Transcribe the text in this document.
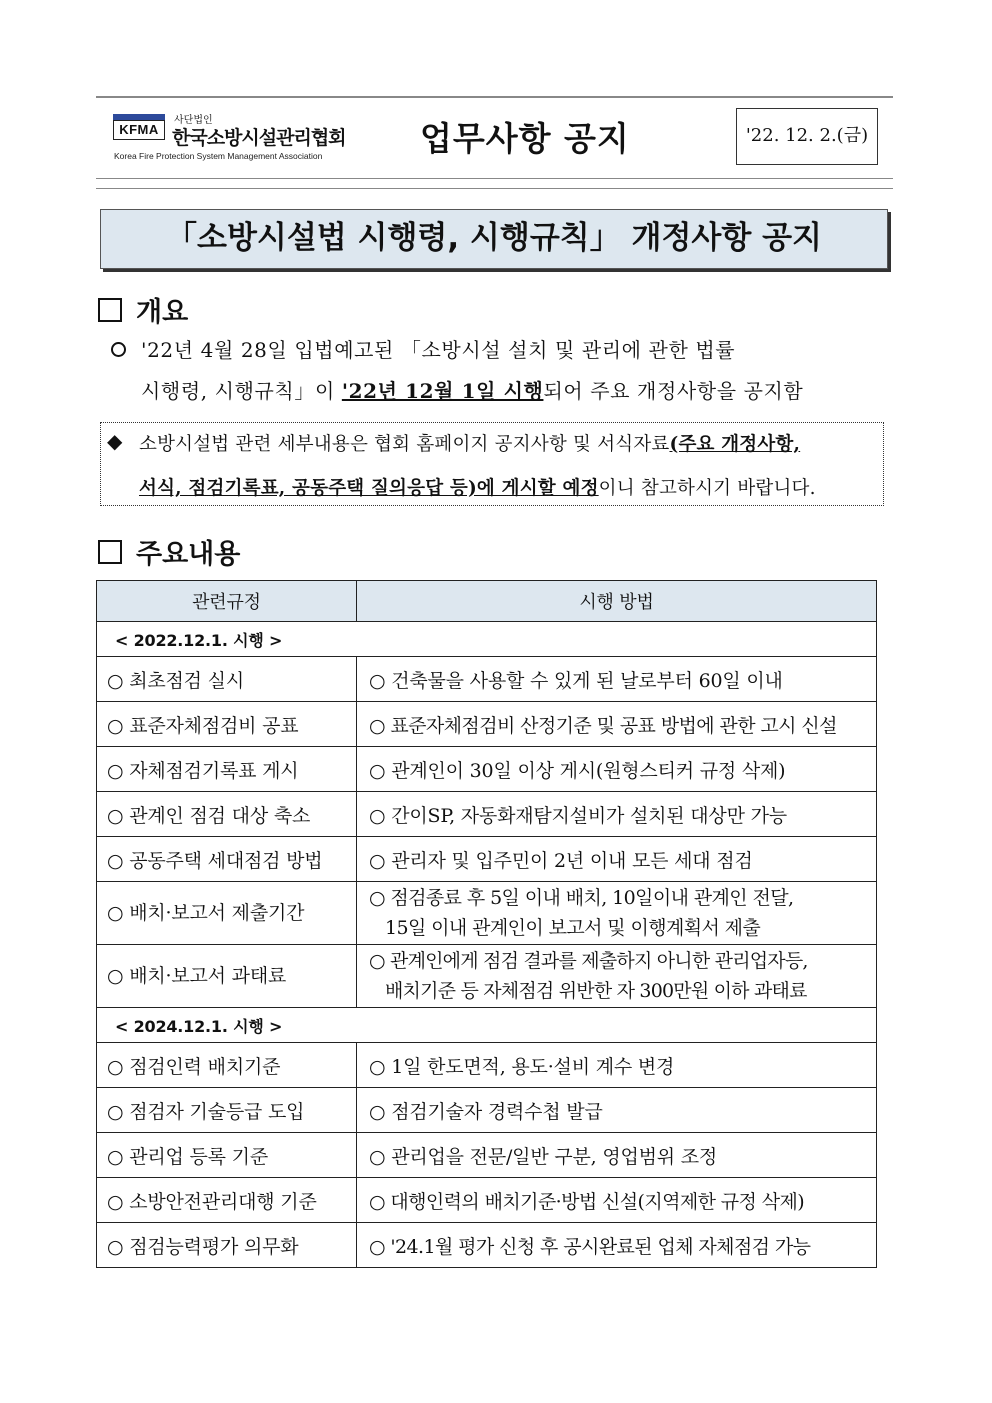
KFMA
사단법인
한국소방시설관리협회
Korea Fire Protection System Management Association	업무사항 공지	'22. 12. 2.(금)
「소방시설법 시행령, 시행규칙」 개정사항 공지
개요
'22년 4월 28일 입법예고된 「소방시설 설치 및 관리에 관한 법률
시행령, 시행규칙」이 '22년 12월 1일 시행되어 주요 개정사항을 공지함
◆ 소방시설법 관련 세부내용은 협회 홈페이지 공지사항 및 서식자료(주요 개정사항,
서식, 점검기록표, 공동주택 질의응답 등)에 게시할 예정이니 참고하시기 바랍니다.
주요내용
관련규정	시행 방법
< 2022.12.1. 시행 >	
○ 최초점검 실시	○ 건축물을 사용할 수 있게 된 날로부터 60일 이내
○ 표준자체점검비 공표	○ 표준자체점검비 산정기준 및 공표 방법에 관한 고시 신설
○ 자체점검기록표 게시	○ 관계인이 30일 이상 게시(원형스티커 규정 삭제)
○ 관계인 점검 대상 축소	○ 간이SP, 자동화재탐지설비가 설치된 대상만 가능
○ 공동주택 세대점검 방법	○ 관리자 및 입주민이 2년 이내 모든 세대 점검
○ 배치·보고서 제출기간	○ 점검종료 후 5일 이내 배치, 10일이내 관계인 전달,
15일 이내 관계인이 보고서 및 이행계획서 제출

○ 배치·보고서 과태료	○ 관계인에게 점검 결과를 제출하지 아니한 관리업자등,
배치기준 등 자체점검 위반한 자 300만원 이하 과태료

< 2024.12.1. 시행 >	
○ 점검인력 배치기준	○ 1일 한도면적, 용도·설비 계수 변경
○ 점검자 기술등급 도입	○ 점검기술자 경력수첩 발급
○ 관리업 등록 기준	○ 관리업을 전문/일반 구분, 영업범위 조정
○ 소방안전관리대행 기준	○ 대행인력의 배치기준·방법 신설(지역제한 규정 삭제)
○ 점검능력평가 의무화	○ '24.1월 평가 신청 후 공시완료된 업체 자체점검 가능
